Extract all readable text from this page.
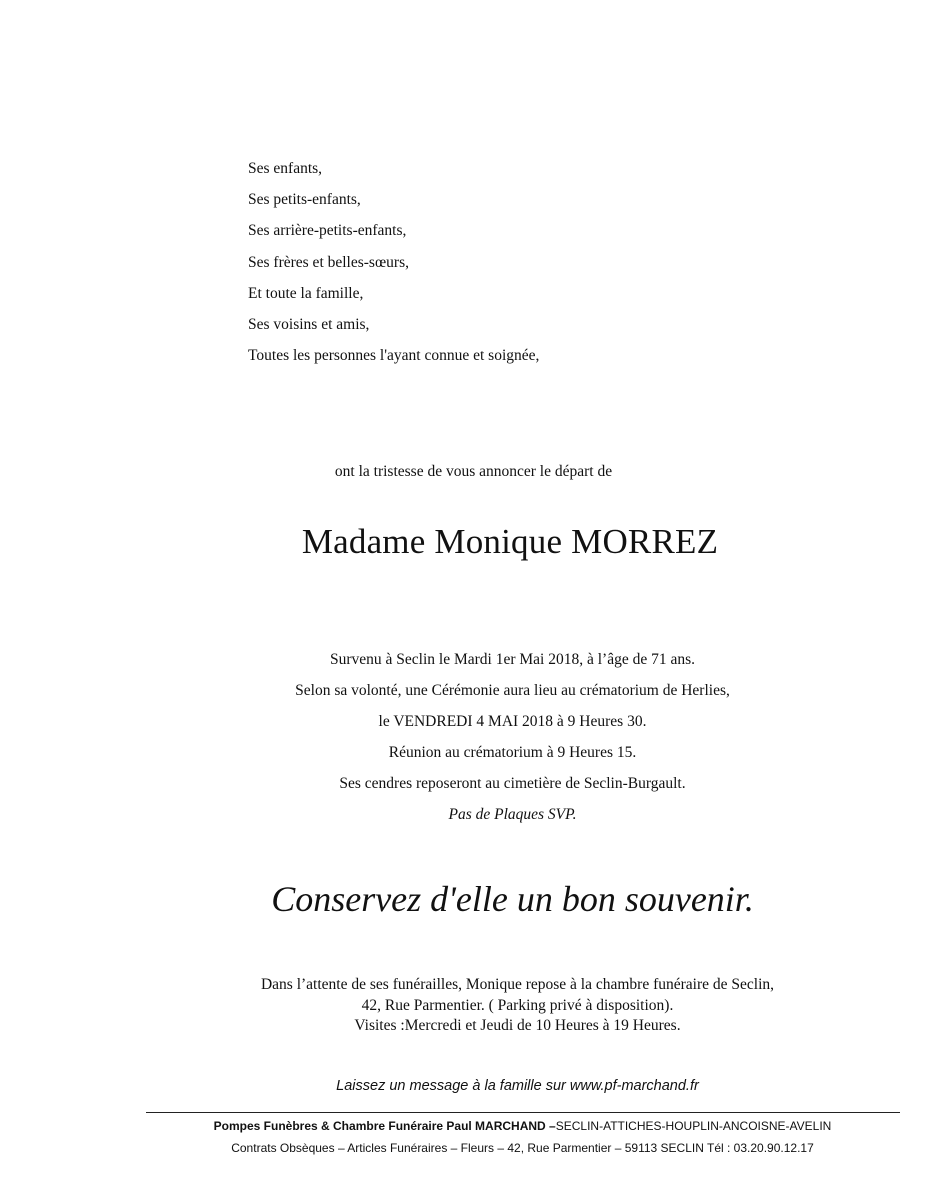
Ses enfants,
Ses petits-enfants,
Ses arrière-petits-enfants,
Ses frères et belles-sœurs,
Et toute la famille,
Ses voisins et amis,
Toutes les personnes l'ayant connue et soignée,
ont la tristesse de vous annoncer le départ de
Madame Monique MORREZ
Survenu à Seclin le Mardi 1er Mai 2018, à l’âge de 71 ans.
Selon sa volonté, une Cérémonie aura lieu au crématorium de Herlies,
le VENDREDI 4 MAI 2018 à 9 Heures 30.
Réunion au crématorium à 9 Heures 15.
Ses cendres reposeront au cimetière de Seclin-Burgault.
Pas de Plaques SVP.
Conservez d'elle un bon souvenir.
Dans l’attente de ses funérailles, Monique repose à la chambre funéraire de Seclin,
42, Rue Parmentier. ( Parking privé à disposition).
Visites :Mercredi et Jeudi de 10 Heures à 19 Heures.
Laissez un message à la famille sur www.pf-marchand.fr
Pompes Funèbres & Chambre Funéraire Paul MARCHAND –SECLIN-ATTICHES-HOUPLIN-ANCOISNE-AVELIN
Contrats Obsèques – Articles Funéraires – Fleurs – 42, Rue Parmentier – 59113 SECLIN Tél : 03.20.90.12.17
